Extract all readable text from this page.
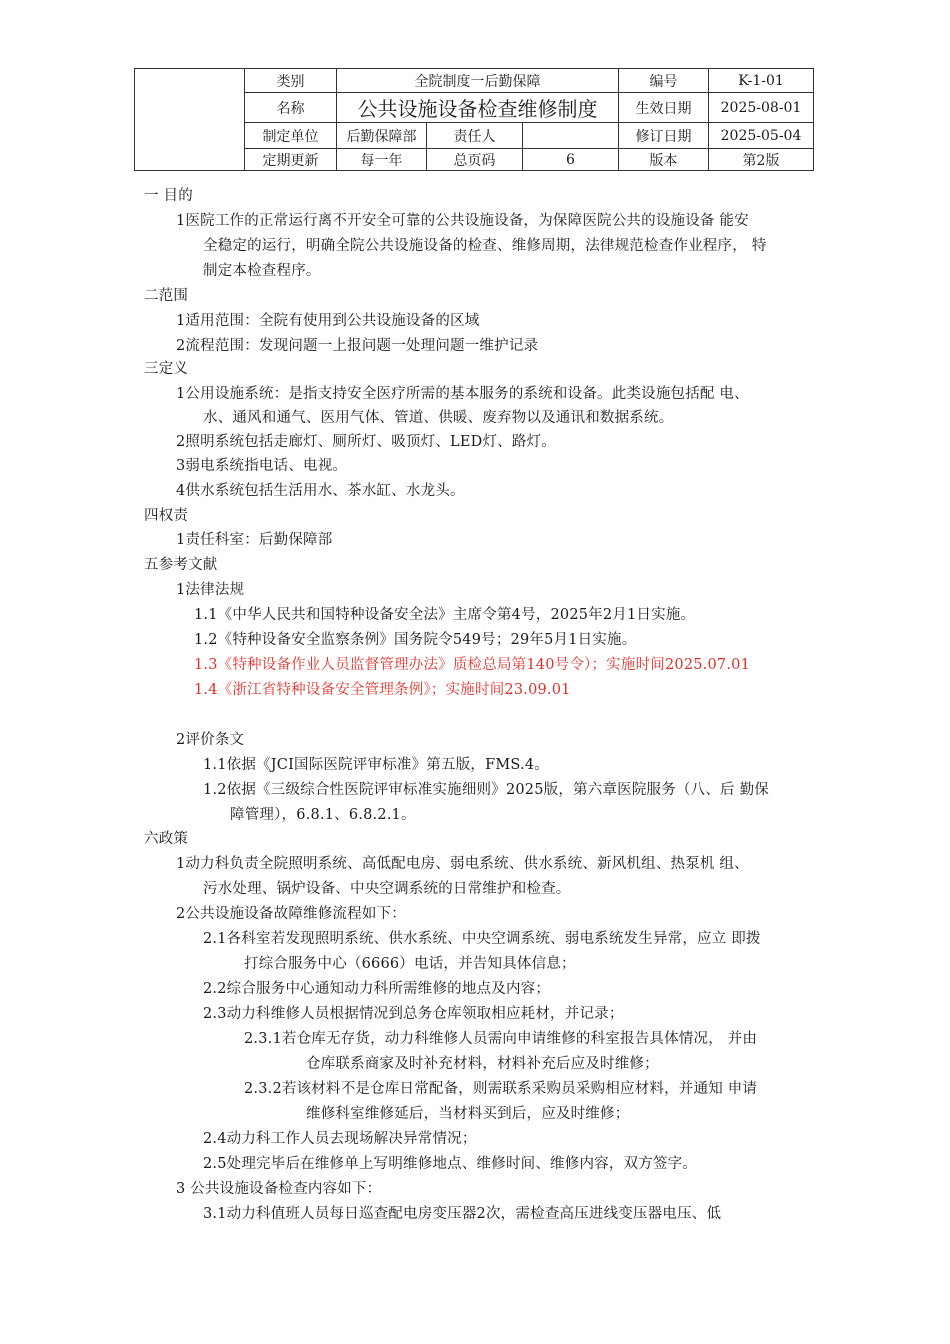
	类别	全院制度一后勤保障			编号	K-1-01
	名称	公共设施设备检查维修制度			生效日期	2025-08-01
	制定单位	后勤保障部	责任人		修订日期	2025-05-04
	定期更新	每一年	总页码	6	版本	第2版
一 目的
1医院工作的正常运行离不开安全可靠的公共设施设备，为保障医院公共的设施设备 能安
全稳定的运行，明确全院公共设施设备的检查、维修周期，法律规范检查作业程序， 特
制定本检查程序。
二范围
1适用范围：全院有使用到公共设施设备的区域
2流程范围：发现问题一上报问题一处理问题一维护记录
三定义
1公用设施系统：是指支持安全医疗所需的基本服务的系统和设备。此类设施包括配 电、
水、通风和通气、医用气体、管道、供暖、废弃物以及通讯和数据系统。
2照明系统包括走廊灯、厕所灯、吸顶灯、LED灯、路灯。
3弱电系统指电话、电视。
4供水系统包括生活用水、茶水缸、水龙头。
四权责
1责任科室：后勤保障部
五参考文献
1法律法规
1.1《中华人民共和国特种设备安全法》主席令第4号，2025年2月1日实施。
1.2《特种设备安全监察条例》国务院令549号；29年5月1日实施。
1.3《特种设备作业人员监督管理办法》质检总局第140号令）；实施时间2025.07.01
1.4《浙江省特种设备安全管理条例》；实施时间23.09.01
2评价条文
1.1依据《JCI国际医院评审标准》第五版，FMS.4。
1.2依据《三级综合性医院评审标准实施细则》2025版，第六章医院服务（八、后 勤保
障管理），6.8.1、6.8.2.1。
六政策
1动力科负责全院照明系统、高低配电房、弱电系统、供水系统、新风机组、热泵机 组、
污水处理、锅炉设备、中央空调系统的日常维护和检查。
2公共设施设备故障维修流程如下：
2.1各科室若发现照明系统、供水系统、中央空调系统、弱电系统发生异常，应立 即拨
打综合服务中心（6666）电话，并告知具体信息；
2.2综合服务中心通知动力科所需维修的地点及内容；
2.3动力科维修人员根据情况到总务仓库领取相应耗材，并记录；
2.3.1若仓库无存货，动力科维修人员需向申请维修的科室报告具体情况， 并由
仓库联系商家及时补充材料，材料补充后应及时维修；
2.3.2若该材料不是仓库日常配备，则需联系采购员采购相应材料，并通知 申请
维修科室维修延后，当材料买到后，应及时维修；
2.4动力科工作人员去现场解决异常情况；
2.5处理完毕后在维修单上写明维修地点、维修时间、维修内容，双方签字。
3 公共设施设备检查内容如下：
3.1动力科值班人员每日巡查配电房变压器2次，需检查高压进线变压器电压、低
